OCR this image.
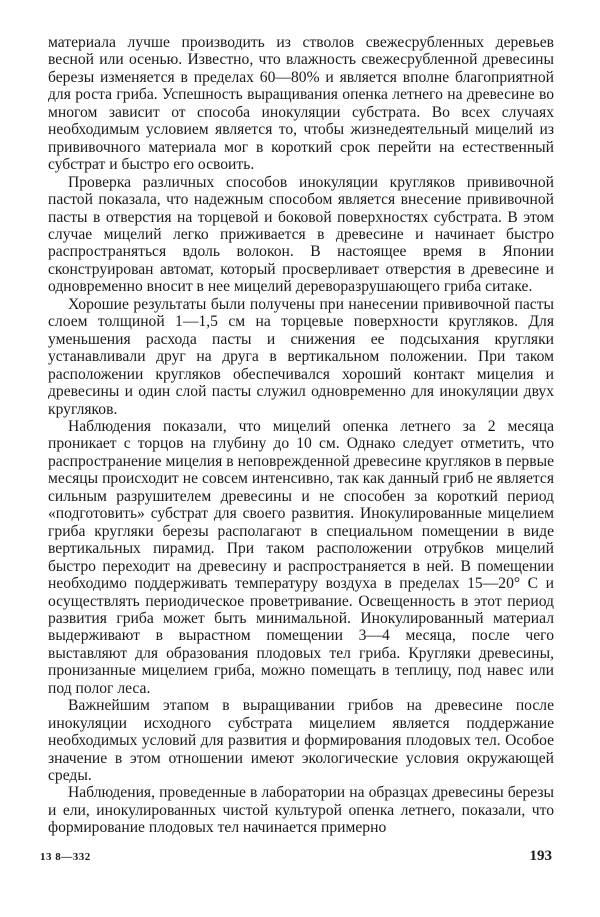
материала лучше производить из стволов свежесрубленных деревьев весной или осенью. Известно, что влажность свежесрубленной древесины березы изменяется в пределах 60—80% и является вполне благоприятной для роста гриба. Успешность выращивания опенка летнего на древесине во многом зависит от способа инокуляции субстрата. Во всех случаях необходимым условием является то, чтобы жизнедеятельный мицелий из прививочного материала мог в короткий срок перейти на естественный субстрат и быстро его освоить.

Проверка различных способов инокуляции кругляков прививочной пастой показала, что надежным способом является внесение прививочной пасты в отверстия на торцевой и боковой поверхностях субстрата. В этом случае мицелий легко приживается в древесине и начинает быстро распространяться вдоль волокон. В настоящее время в Японии сконструирован автомат, который просверливает отверстия в древесине и одновременно вносит в нее мицелий дереворазрушающего гриба ситаке.

Хорошие результаты были получены при нанесении прививочной пасты слоем толщиной 1—1,5 см на торцевые поверхности кругляков. Для уменьшения расхода пасты и снижения ее подсыхания кругляки устанавливали друг на друга в вертикальном положении. При таком расположении кругляков обеспечивался хороший контакт мицелия и древесины и один слой пасты служил одновременно для инокуляции двух кругляков.

Наблюдения показали, что мицелий опенка летнего за 2 месяца проникает с торцов на глубину до 10 см. Однако следует отметить, что распространение мицелия в неповрежденной древесине кругляков в первые месяцы происходит не совсем интенсивно, так как данный гриб не является сильным разрушителем древесины и не способен за короткий период «подготовить» субстрат для своего развития. Инокулированные мицелием гриба кругляки березы располагают в специальном помещении в виде вертикальных пирамид. При таком расположении отрубков мицелий быстро переходит на древесину и распространяется в ней. В помещении необходимо поддерживать температуру воздуха в пределах 15—20° С и осуществлять периодическое проветривание. Освещенность в этот период развития гриба может быть минимальной. Инокулированный материал выдерживают в вырастном помещении 3—4 месяца, после чего выставляют для образования плодовых тел гриба. Кругляки древесины, пронизанные мицелием гриба, можно помещать в теплицу, под навес или под полог леса.

Важнейшим этапом в выращивании грибов на древесине после инокуляции исходного субстрата мицелием является поддержание необходимых условий для развития и формирования плодовых тел. Особое значение в этом отношении имеют экологические условия окружающей среды.

Наблюдения, проведенные в лаборатории на образцах древесины березы и ели, инокулированных чистой культурой опенка летнего, показали, что формирование плодовых тел начинается примерно

13 8—332	193
